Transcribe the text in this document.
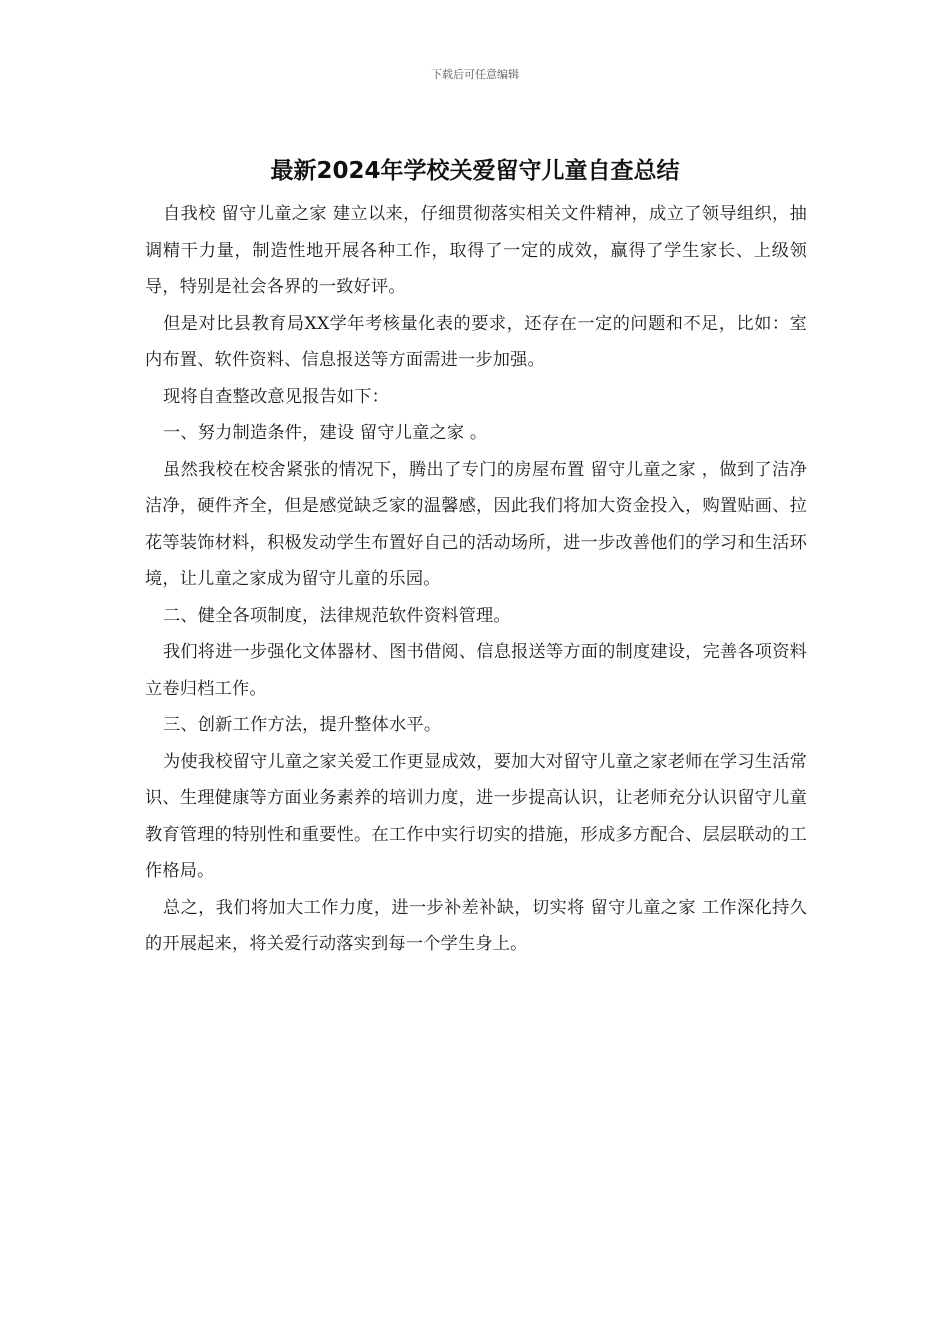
下载后可任意编辑
最新2024年学校关爱留守儿童自查总结

自我校 留守儿童之家 建立以来，仔细贯彻落实相关文件精神，成立了领导组织，抽调精干力量，制造性地开展各种工作，取得了一定的成效，赢得了学生家长、上级领导，特别是社会各界的一致好评。

但是对比县教育局XX学年考核量化表的要求，还存在一定的问题和不足，比如：室内布置、软件资料、信息报送等方面需进一步加强。

现将自查整改意见报告如下：

一、努力制造条件，建设 留守儿童之家 。

虽然我校在校舍紧张的情况下，腾出了专门的房屋布置 留守儿童之家 ，做到了洁净洁净，硬件齐全，但是感觉缺乏家的温馨感，因此我们将加大资金投入，购置贴画、拉花等装饰材料，积极发动学生布置好自己的活动场所，进一步改善他们的学习和生活环境，让儿童之家成为留守儿童的乐园。

二、健全各项制度，法律规范软件资料管理。

我们将进一步强化文体器材、图书借阅、信息报送等方面的制度建设，完善各项资料立卷归档工作。

三、创新工作方法，提升整体水平。

为使我校留守儿童之家关爱工作更显成效，要加大对留守儿童之家老师在学习生活常识、生理健康等方面业务素养的培训力度，进一步提高认识，让老师充分认识留守儿童教育管理的特别性和重要性。在工作中实行切实的措施，形成多方配合、层层联动的工作格局。

总之，我们将加大工作力度，进一步补差补缺，切实将 留守儿童之家 工作深化持久的开展起来，将关爱行动落实到每一个学生身上。
